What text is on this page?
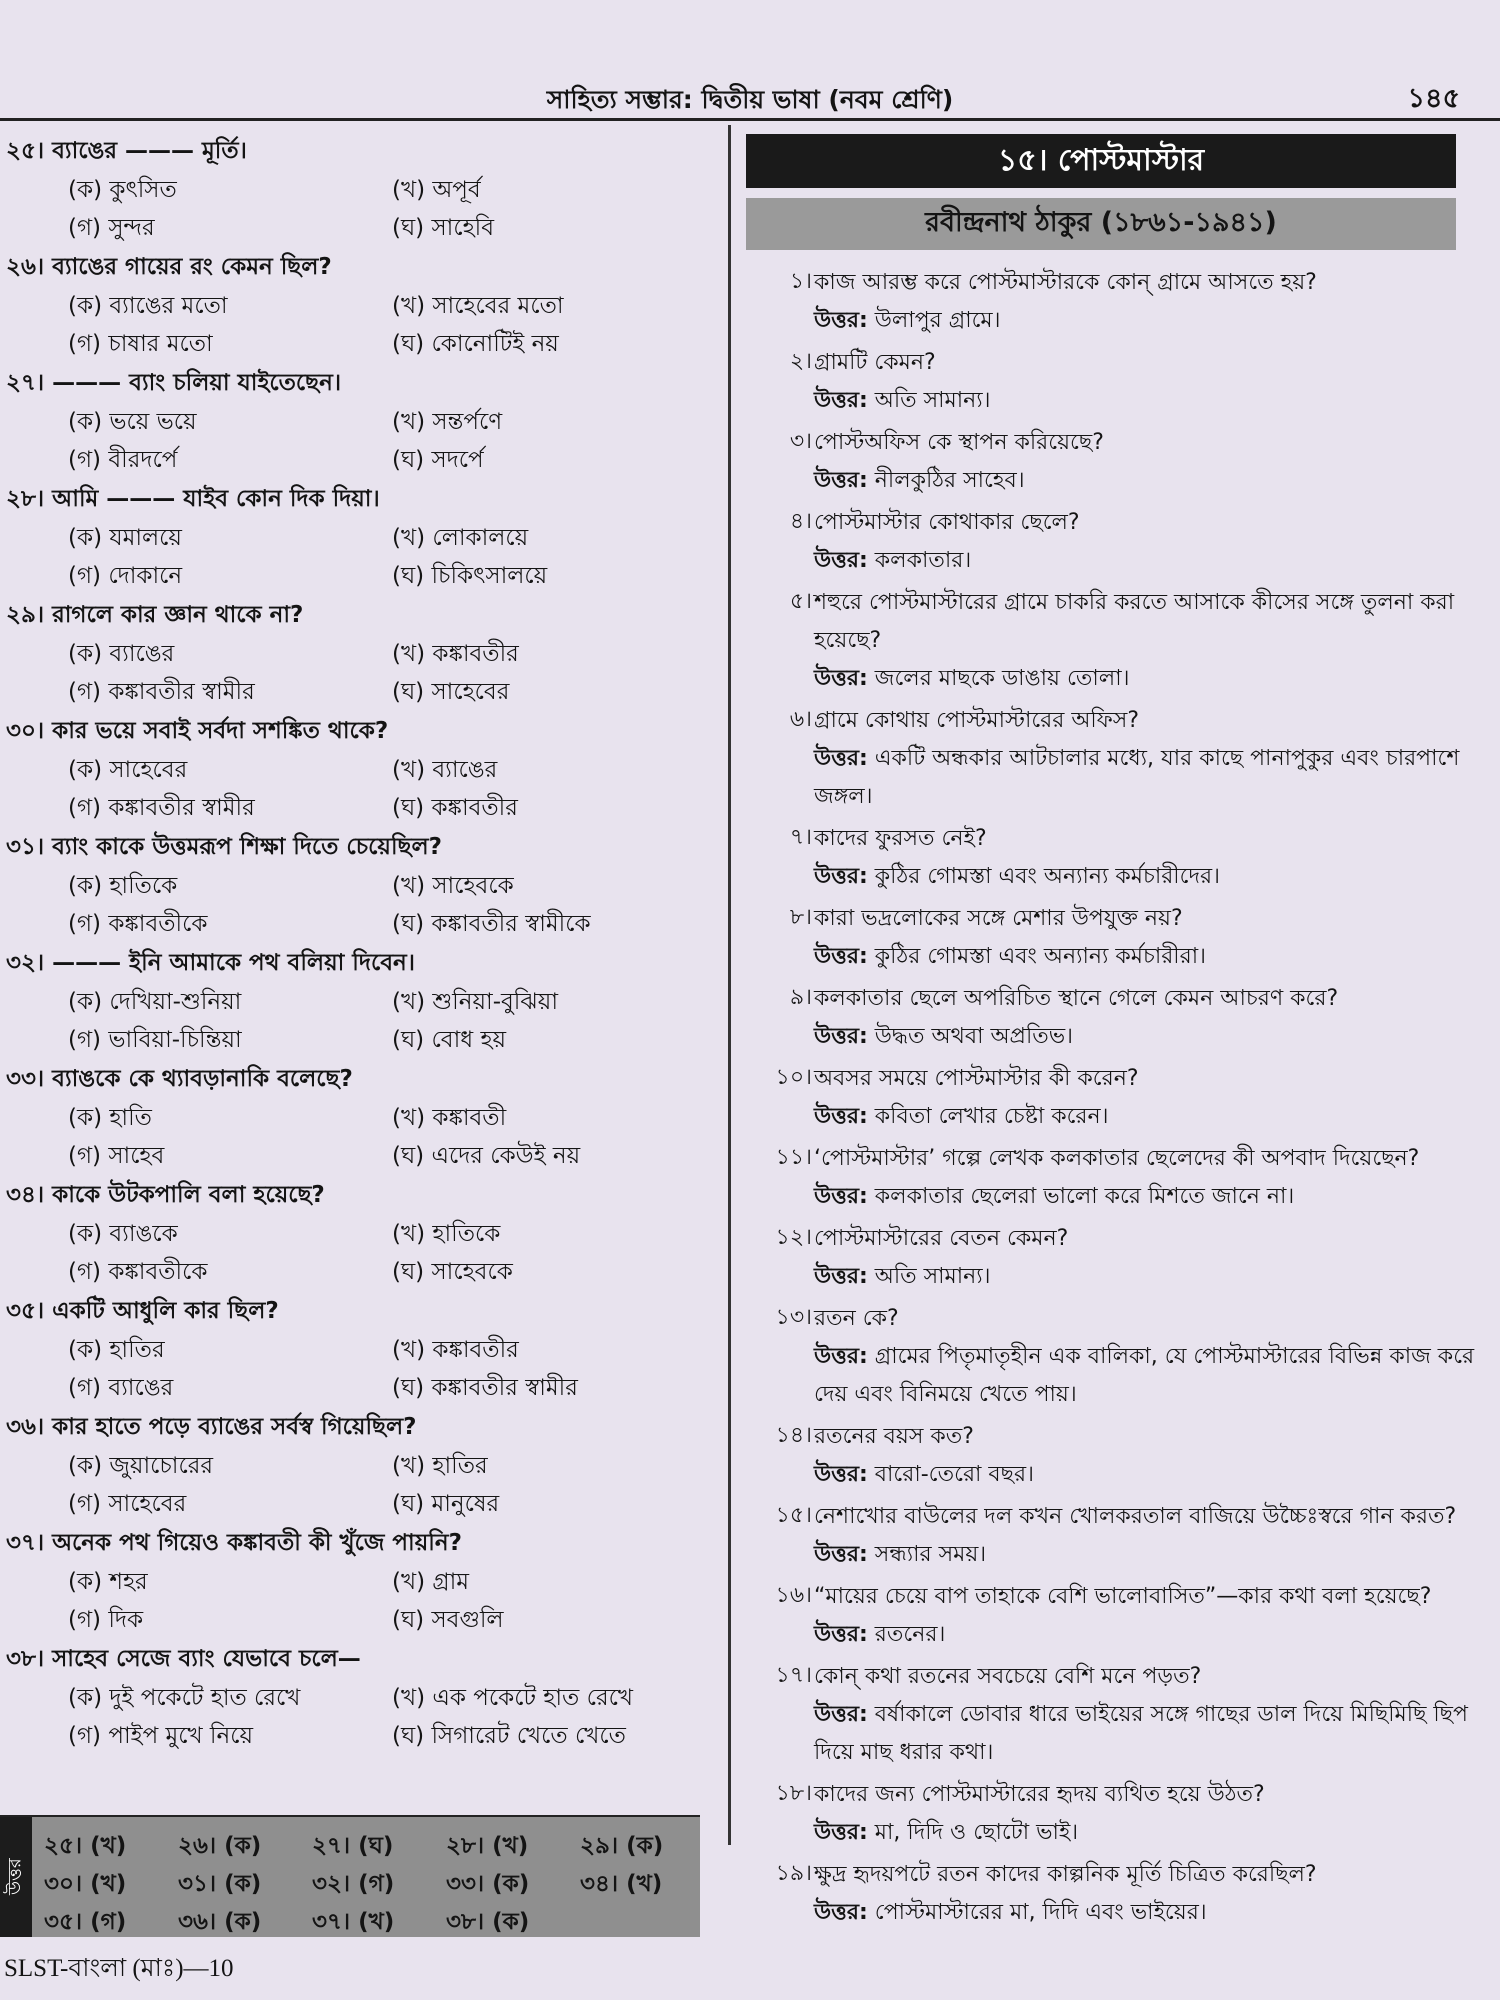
সাহিত্য সম্ভার: দ্বিতীয় ভাষা (নবম শ্রেণি)	১৪৫
২৫। ব্যাঙের ——— মূর্তি।
(ক) কুৎসিত	(খ) অপূর্ব
(গ) সুন্দর	(ঘ) সাহেবি
২৬। ব্যাঙের গায়ের রং কেমন ছিল?
(ক) ব্যাঙের মতো	(খ) সাহেবের মতো
(গ) চাষার মতো	(ঘ) কোনোটিই নয়
২৭। ——— ব্যাং চলিয়া যাইতেছেন।
(ক) ভয়ে ভয়ে	(খ) সন্তর্পণে
(গ) বীরদর্পে	(ঘ) সদর্পে
২৮। আমি ——— যাইব কোন দিক দিয়া।
(ক) যমালয়ে	(খ) লোকালয়ে
(গ) দোকানে	(ঘ) চিকিৎসালয়ে
২৯। রাগলে কার জ্ঞান থাকে না?
(ক) ব্যাঙের	(খ) কঙ্কাবতীর
(গ) কঙ্কাবতীর স্বামীর	(ঘ) সাহেবের
৩০। কার ভয়ে সবাই সর্বদা সশঙ্কিত থাকে?
(ক) সাহেবের	(খ) ব্যাঙের
(গ) কঙ্কাবতীর স্বামীর	(ঘ) কঙ্কাবতীর
৩১। ব্যাং কাকে উত্তমরূপ শিক্ষা দিতে চেয়েছিল?
(ক) হাতিকে	(খ) সাহেবকে
(গ) কঙ্কাবতীকে	(ঘ) কঙ্কাবতীর স্বামীকে
৩২। ——— ইনি আমাকে পথ বলিয়া দিবেন।
(ক) দেখিয়া-শুনিয়া	(খ) শুনিয়া-বুঝিয়া
(গ) ভাবিয়া-চিন্তিয়া	(ঘ) বোধ হয়
৩৩। ব্যাঙকে কে থ্যাবড়ানাকি বলেছে?
(ক) হাতি	(খ) কঙ্কাবতী
(গ) সাহেব	(ঘ) এদের কেউই নয়
৩৪। কাকে উটকপালি বলা হয়েছে?
(ক) ব্যাঙকে	(খ) হাতিকে
(গ) কঙ্কাবতীকে	(ঘ) সাহেবকে
৩৫। একটি আধুলি কার ছিল?
(ক) হাতির	(খ) কঙ্কাবতীর
(গ) ব্যাঙের	(ঘ) কঙ্কাবতীর স্বামীর
৩৬। কার হাতে পড়ে ব্যাঙের সর্বস্ব গিয়েছিল?
(ক) জুয়াচোরের	(খ) হাতির
(গ) সাহেবের	(ঘ) মানুষের
৩৭। অনেক পথ গিয়েও কঙ্কাবতী কী খুঁজে পায়নি?
(ক) শহর	(খ) গ্রাম
(গ) দিক	(ঘ) সবগুলি
৩৮। সাহেব সেজে ব্যাং যেভাবে চলে—
(ক) দুই পকেটে হাত রেখে	(খ) এক পকেটে হাত রেখে
(গ) পাইপ মুখে নিয়ে	(ঘ) সিগারেট খেতে খেতে
উত্তর
২৫। (খ)	২৬। (ক)	২৭। (ঘ)	২৮। (খ)	২৯। (ক)
৩০। (খ)	৩১। (ক)	৩২। (গ)	৩৩। (ক)	৩৪। (খ)
৩৫। (গ)	৩৬। (ক)	৩৭। (খ)	৩৮। (ক)
SLST-বাংলা (মাঃ)—10
১৫। পোস্টমাস্টার
রবীন্দ্রনাথ ঠাকুর (১৮৬১-১৯৪১)
১। কাজ আরম্ভ করে পোস্টমাস্টারকে কোন্ গ্রামে আসতে হয়?
উত্তর: উলাপুর গ্রামে।
২। গ্রামটি কেমন?
উত্তর: অতি সামান্য।
৩। পোস্টঅফিস কে স্থাপন করিয়েছে?
উত্তর: নীলকুঠির সাহেব।
৪। পোস্টমাস্টার কোথাকার ছেলে?
উত্তর: কলকাতার।
৫। শহুরে পোস্টমাস্টারের গ্রামে চাকরি করতে আসাকে কীসের সঙ্গে তুলনা করা হয়েছে?
উত্তর: জলের মাছকে ডাঙায় তোলা।
৬। গ্রামে কোথায় পোস্টমাস্টারের অফিস?
উত্তর: একটি অন্ধকার আটচালার মধ্যে, যার কাছে পানাপুকুর এবং চারপাশে জঙ্গল।
৭। কাদের ফুরসত নেই?
উত্তর: কুঠির গোমস্তা এবং অন্যান্য কর্মচারীদের।
৮। কারা ভদ্রলোকের সঙ্গে মেশার উপযুক্ত নয়?
উত্তর: কুঠির গোমস্তা এবং অন্যান্য কর্মচারীরা।
৯। কলকাতার ছেলে অপরিচিত স্থানে গেলে কেমন আচরণ করে?
উত্তর: উদ্ধত অথবা অপ্রতিভ।
১০। অবসর সময়ে পোস্টমাস্টার কী করেন?
উত্তর: কবিতা লেখার চেষ্টা করেন।
১১। ‘পোস্টমাস্টার’ গল্পে লেখক কলকাতার ছেলেদের কী অপবাদ দিয়েছেন?
উত্তর: কলকাতার ছেলেরা ভালো করে মিশতে জানে না।
১২। পোস্টমাস্টারের বেতন কেমন?
উত্তর: অতি সামান্য।
১৩। রতন কে?
উত্তর: গ্রামের পিতৃমাতৃহীন এক বালিকা, যে পোস্টমাস্টারের বিভিন্ন কাজ করে দেয় এবং বিনিময়ে খেতে পায়।
১৪। রতনের বয়স কত?
উত্তর: বারো-তেরো বছর।
১৫। নেশাখোর বাউলের দল কখন খোলকরতাল বাজিয়ে উচ্চৈঃস্বরে গান করত?
উত্তর: সন্ধ্যার সময়।
১৬। “মায়ের চেয়ে বাপ তাহাকে বেশি ভালোবাসিত”—কার কথা বলা হয়েছে?
উত্তর: রতনের।
১৭। কোন্ কথা রতনের সবচেয়ে বেশি মনে পড়ত?
উত্তর: বর্ষাকালে ডোবার ধারে ভাইয়ের সঙ্গে গাছের ডাল দিয়ে মিছিমিছি ছিপ দিয়ে মাছ ধরার কথা।
১৮। কাদের জন্য পোস্টমাস্টারের হৃদয় ব্যথিত হয়ে উঠত?
উত্তর: মা, দিদি ও ছোটো ভাই।
১৯। ক্ষুদ্র হৃদয়পটে রতন কাদের কাল্পনিক মূর্তি চিত্রিত করেছিল?
উত্তর: পোস্টমাস্টারের মা, দিদি এবং ভাইয়ের।
